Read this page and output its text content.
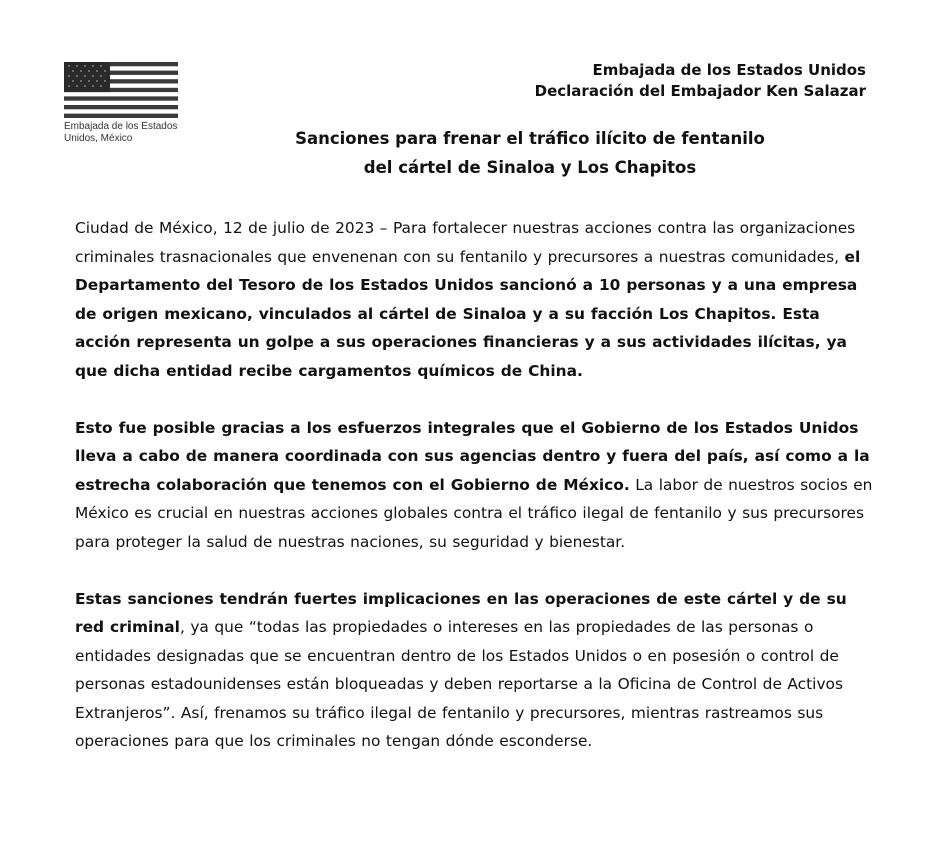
Embajada de los Estados Unidos, México
Embajada de los Estados Unidos
Declaración del Embajador Ken Salazar
Sanciones para frenar el tráfico ilícito de fentanilo
del cártel de Sinaloa y Los Chapitos

Ciudad de México, 12 de julio de 2023 – Para fortalecer nuestras acciones contra las organizaciones criminales trasnacionales que envenenan con su fentanilo y precursores a nuestras comunidades, el Departamento del Tesoro de los Estados Unidos sancionó a 10 personas y a una empresa de origen mexicano, vinculados al cártel de Sinaloa y a su facción Los Chapitos. Esta acción representa un golpe a sus operaciones financieras y a sus actividades ilícitas, ya que dicha entidad recibe cargamentos químicos de China.

Esto fue posible gracias a los esfuerzos integrales que el Gobierno de los Estados Unidos lleva a cabo de manera coordinada con sus agencias dentro y fuera del país, así como a la estrecha colaboración que tenemos con el Gobierno de México. La labor de nuestros socios en México es crucial en nuestras acciones globales contra el tráfico ilegal de fentanilo y sus precursores para proteger la salud de nuestras naciones, su seguridad y bienestar.

Estas sanciones tendrán fuertes implicaciones en las operaciones de este cártel y de su red criminal, ya que “todas las propiedades o intereses en las propiedades de las personas o entidades designadas que se encuentran dentro de los Estados Unidos o en posesión o control de personas estadounidenses están bloqueadas y deben reportarse a la Oficina de Control de Activos Extranjeros”. Así, frenamos su tráfico ilegal de fentanilo y precursores, mientras rastreamos sus operaciones para que los criminales no tengan dónde esconderse.
